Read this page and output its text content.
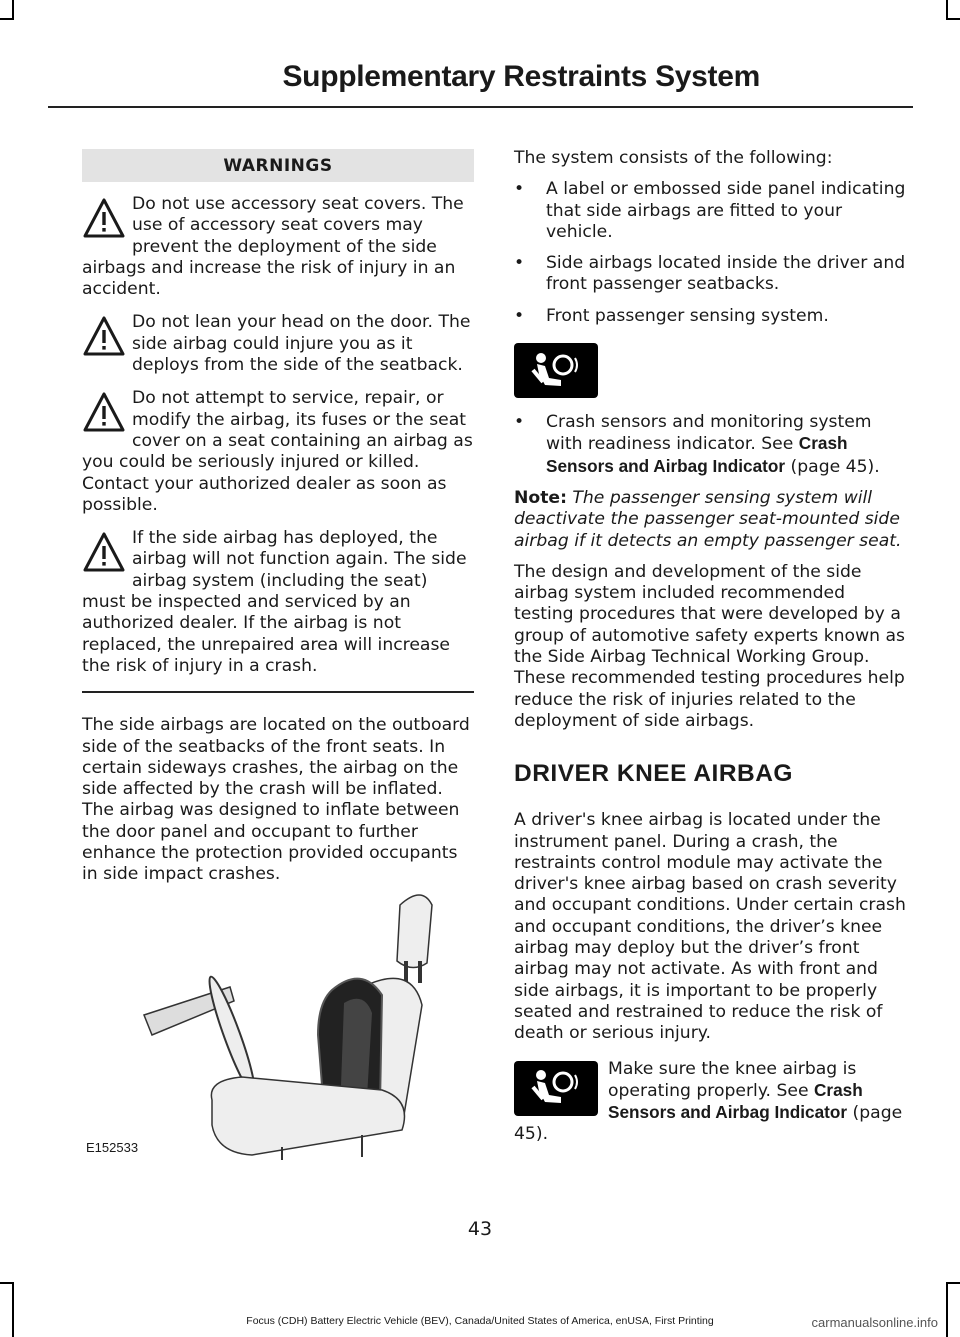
Supplementary Restraints System
WARNINGS
Do not use accessory seat covers. The use of accessory seat covers may prevent the deployment of the side airbags and increase the risk of injury in an accident.
Do not lean your head on the door. The side airbag could injure you as it deploys from the side of the seatback.
Do not attempt to service, repair, or modify the airbag, its fuses or the seat cover on a seat containing an airbag as you could be seriously injured or killed. Contact your authorized dealer as soon as possible.
If the side airbag has deployed, the airbag will not function again. The side airbag system (including the seat) must be inspected and serviced by an authorized dealer. If the airbag is not replaced, the unrepaired area will increase the risk of injury in a crash.

The side airbags are located on the outboard side of the seatbacks of the front seats. In certain sideways crashes, the airbag on the side affected by the crash will be inflated. The airbag was designed to inflate between the door panel and occupant to further enhance the protection provided occupants in side impact crashes.

E152533

The system consists of the following:

• A label or embossed side panel indicating that side airbags are fitted to your vehicle.
• Side airbags located inside the driver and front passenger seatbacks.
• Front passenger sensing system.
• Crash sensors and monitoring system with readiness indicator. See Crash Sensors and Airbag Indicator (page 45).

Note: The passenger sensing system will deactivate the passenger seat-mounted side airbag if it detects an empty passenger seat.

The design and development of the side airbag system included recommended testing procedures that were developed by a group of automotive safety experts known as the Side Airbag Technical Working Group. These recommended testing procedures help reduce the risk of injuries related to the deployment of side airbags.

DRIVER KNEE AIRBAG

A driver's knee airbag is located under the instrument panel. During a crash, the restraints control module may activate the driver's knee airbag based on crash severity and occupant conditions. Under certain crash and occupant conditions, the driver’s knee airbag may deploy but the driver’s front airbag may not activate. As with front and side airbags, it is important to be properly seated and restrained to reduce the risk of death or serious injury.

Make sure the knee airbag is operating properly. See Crash Sensors and Airbag Indicator (page 45).
43
Focus (CDH) Battery Electric Vehicle (BEV), Canada/United States of America, enUSA, First Printing	carmanualsonline.info
